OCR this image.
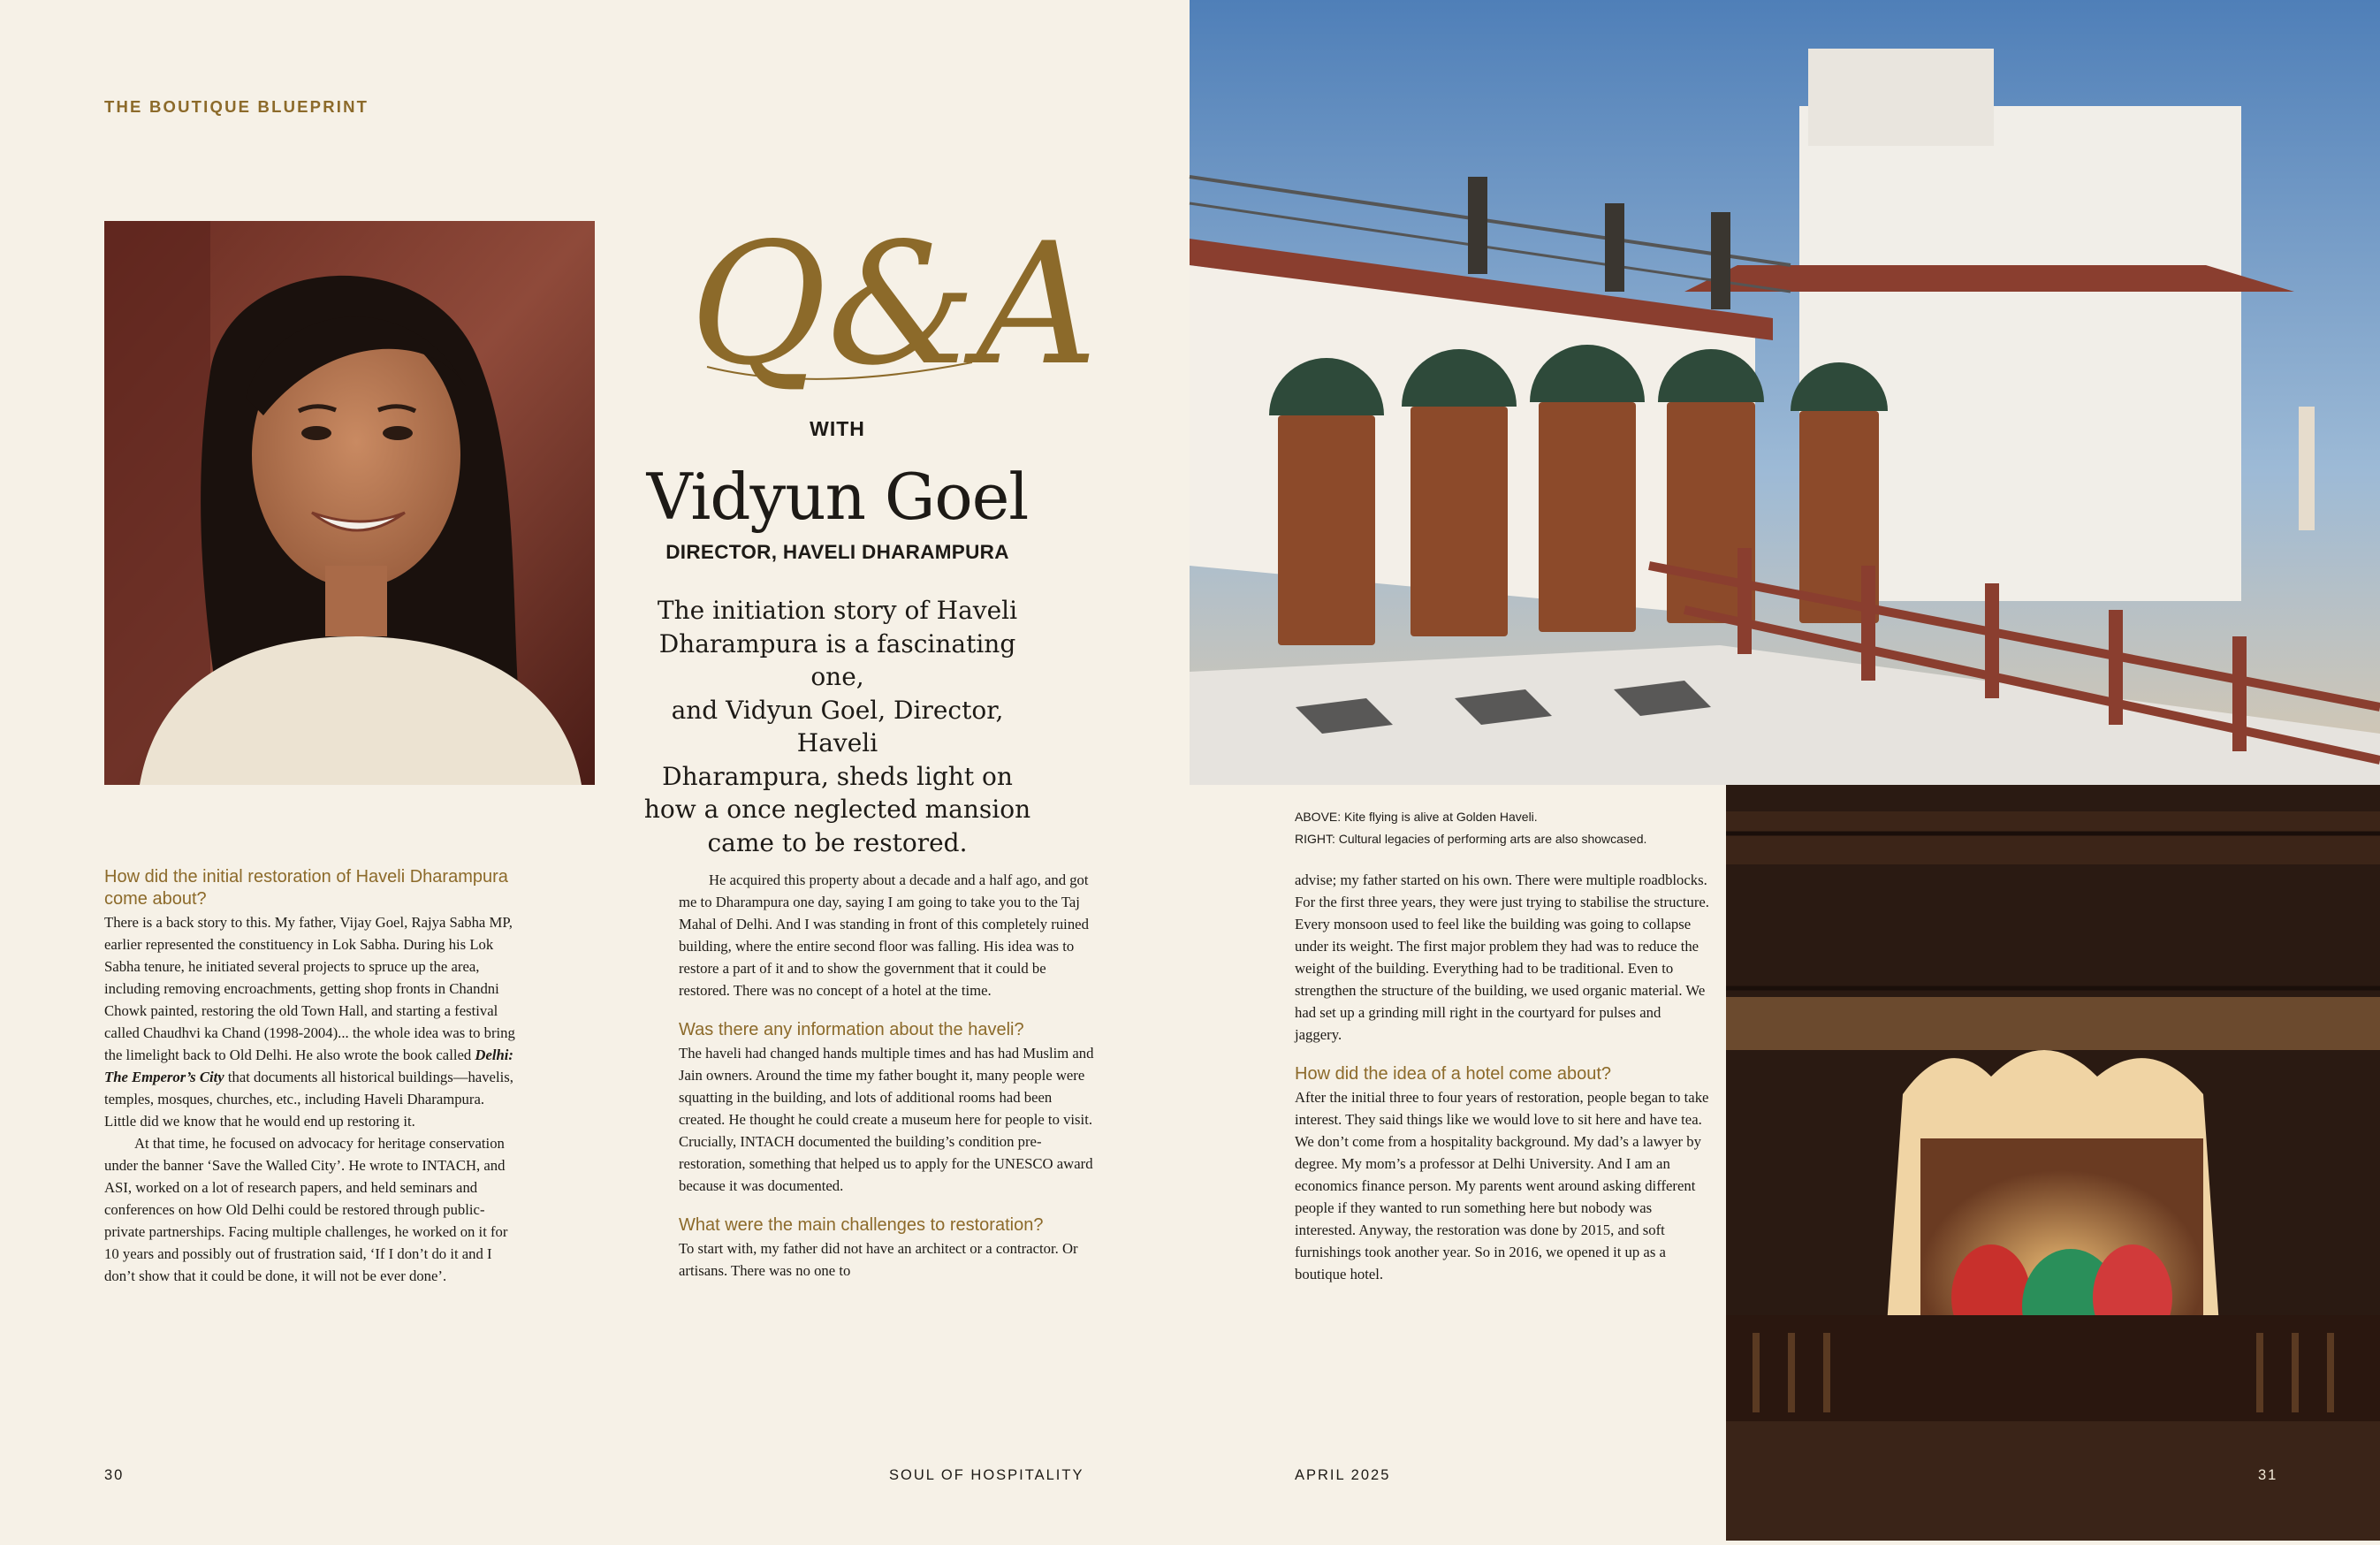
THE BOUTIQUE BLUEPRINT
Q&A
WITH
Vidyun Goel
DIRECTOR, HAVELI DHARAMPURA
The initiation story of Haveli
Dharampura is a fascinating one,
and Vidyun Goel, Director, Haveli
Dharampura, sheds light on
how a once neglected mansion
came to be restored.
ABOVE: Kite flying is alive at Golden Haveli.
RIGHT: Cultural legacies of performing arts are also showcased.
How did the initial restoration of Haveli Dharampura come about?

There is a back story to this. My father, Vijay Goel, Rajya Sabha MP, earlier represented the constituency in Lok Sabha. During his Lok Sabha tenure, he initiated several projects to spruce up the area, including removing encroachments, getting shop fronts in Chandni Chowk painted, restoring the old Town Hall, and starting a festival called Chaudhvi ka Chand (1998-2004)... the whole idea was to bring the limelight back to Old Delhi. He also wrote the book called Delhi: The Emperor’s City that documents all historical buildings—havelis, temples, mosques, churches, etc., including Haveli Dharampura. Little did we know that he would end up restoring it.

At that time, he focused on advocacy for heritage conservation under the banner ‘Save the Walled City’. He wrote to INTACH, and ASI, worked on a lot of research papers, and held seminars and conferences on how Old Delhi could be restored through public-private partnerships. Facing multiple challenges, he worked on it for 10 years and possibly out of frustration said, ‘If I don’t do it and I don’t show that it could be done, it will not be ever done’.

He acquired this property about a decade and a half ago, and got me to Dharampura one day, saying I am going to take you to the Taj Mahal of Delhi. And I was standing in front of this completely ruined building, where the entire second floor was falling. His idea was to restore a part of it and to show the government that it could be restored. There was no concept of a hotel at the time.

Was there any information about the haveli?

The haveli had changed hands multiple times and has had Muslim and Jain owners. Around the time my father bought it, many people were squatting in the building, and lots of additional rooms had been created. He thought he could create a museum here for people to visit. Crucially, INTACH documented the building’s condition pre-restoration, something that helped us to apply for the UNESCO award because it was documented.

What were the main challenges to restoration?

To start with, my father did not have an architect or a contractor. Or artisans. There was no one to

advise; my father started on his own. There were multiple roadblocks. For the first three years, they were just trying to stabilise the structure. Every monsoon used to feel like the building was going to collapse under its weight. The first major problem they had was to reduce the weight of the building. Everything had to be traditional. Even to strengthen the structure of the building, we used organic material. We had set up a grinding mill right in the courtyard for pulses and jaggery.

How did the idea of a hotel come about?

After the initial three to four years of restoration, people began to take interest. They said things like we would love to sit here and have tea. We don’t come from a hospitality background. My dad’s a lawyer by degree. My mom’s a professor at Delhi University. And I am an economics finance person. My parents went around asking different people if they wanted to run something here but nobody was interested. Anyway, the restoration was done by 2015, and soft furnishings took another year. So in 2016, we opened it up as a boutique hotel.

30	SOUL OF HOSPITALITY	APRIL 2025	31
